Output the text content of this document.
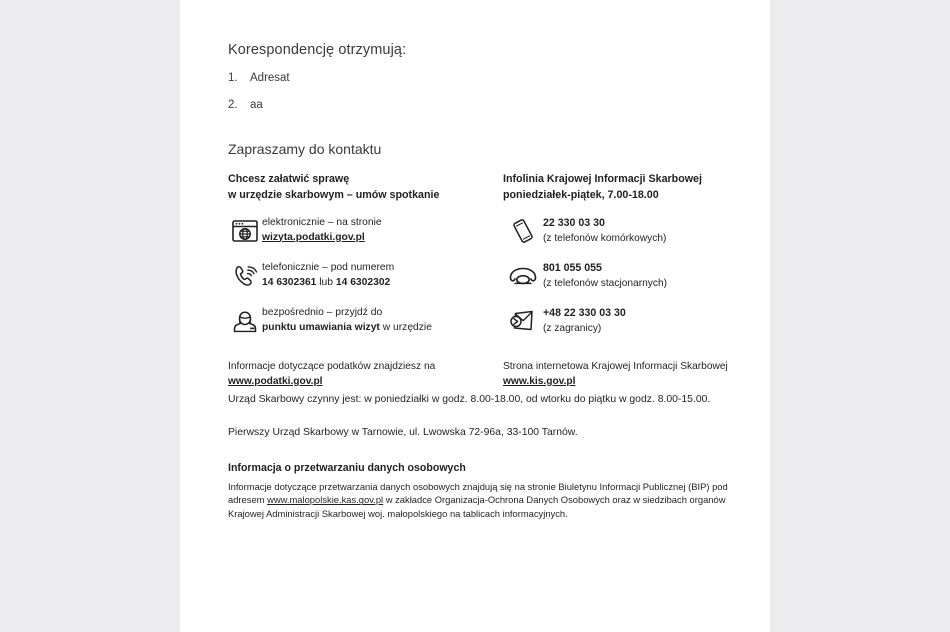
Korespondencję otrzymują:
1. Adresat
2. aa
Zapraszamy do kontaktu
Chcesz załatwić sprawę
w urzędzie skarbowym – umów spotkanie
elektronicznie – na stronie
wizyta.podatki.gov.pl
telefonicznie – pod numerem
14 6302361 lub 14 6302302
bezpośrednio – przyjdź do
punktu umawiania wizyt w urzędzie
Infolinia Krajowej Informacji Skarbowej
poniedziałek-piątek, 7.00-18.00
22 330 03 30
(z telefonów komórkowych)
801 055 055
(z telefonów stacjonarnych)
+48 22 330 03 30
(z zagranicy)
Informacje dotyczące podatków znajdziesz na www.podatki.gov.pl
Strona internetowa Krajowej Informacji Skarbowej www.kis.gov.pl

Urząd Skarbowy czynny jest: w poniedziałki w godz. 8.00-18.00, od wtorku do piątku w godz. 8.00-15.00.

Pierwszy Urząd Skarbowy w Tarnowie, ul. Lwowska 72-96a, 33-100 Tarnów.

Informacja o przetwarzaniu danych osobowych

Informacje dotyczące przetwarzania danych osobowych znajdują się na stronie Biuletynu Informacji Publicznej (BIP) pod adresem www.malopolskie.kas.gov.pl w zakładce Organizacja-Ochrona Danych Osobowych oraz w siedzibach organów Krajowej Administracji Skarbowej woj. małopolskiego na tablicach informacyjnych.
